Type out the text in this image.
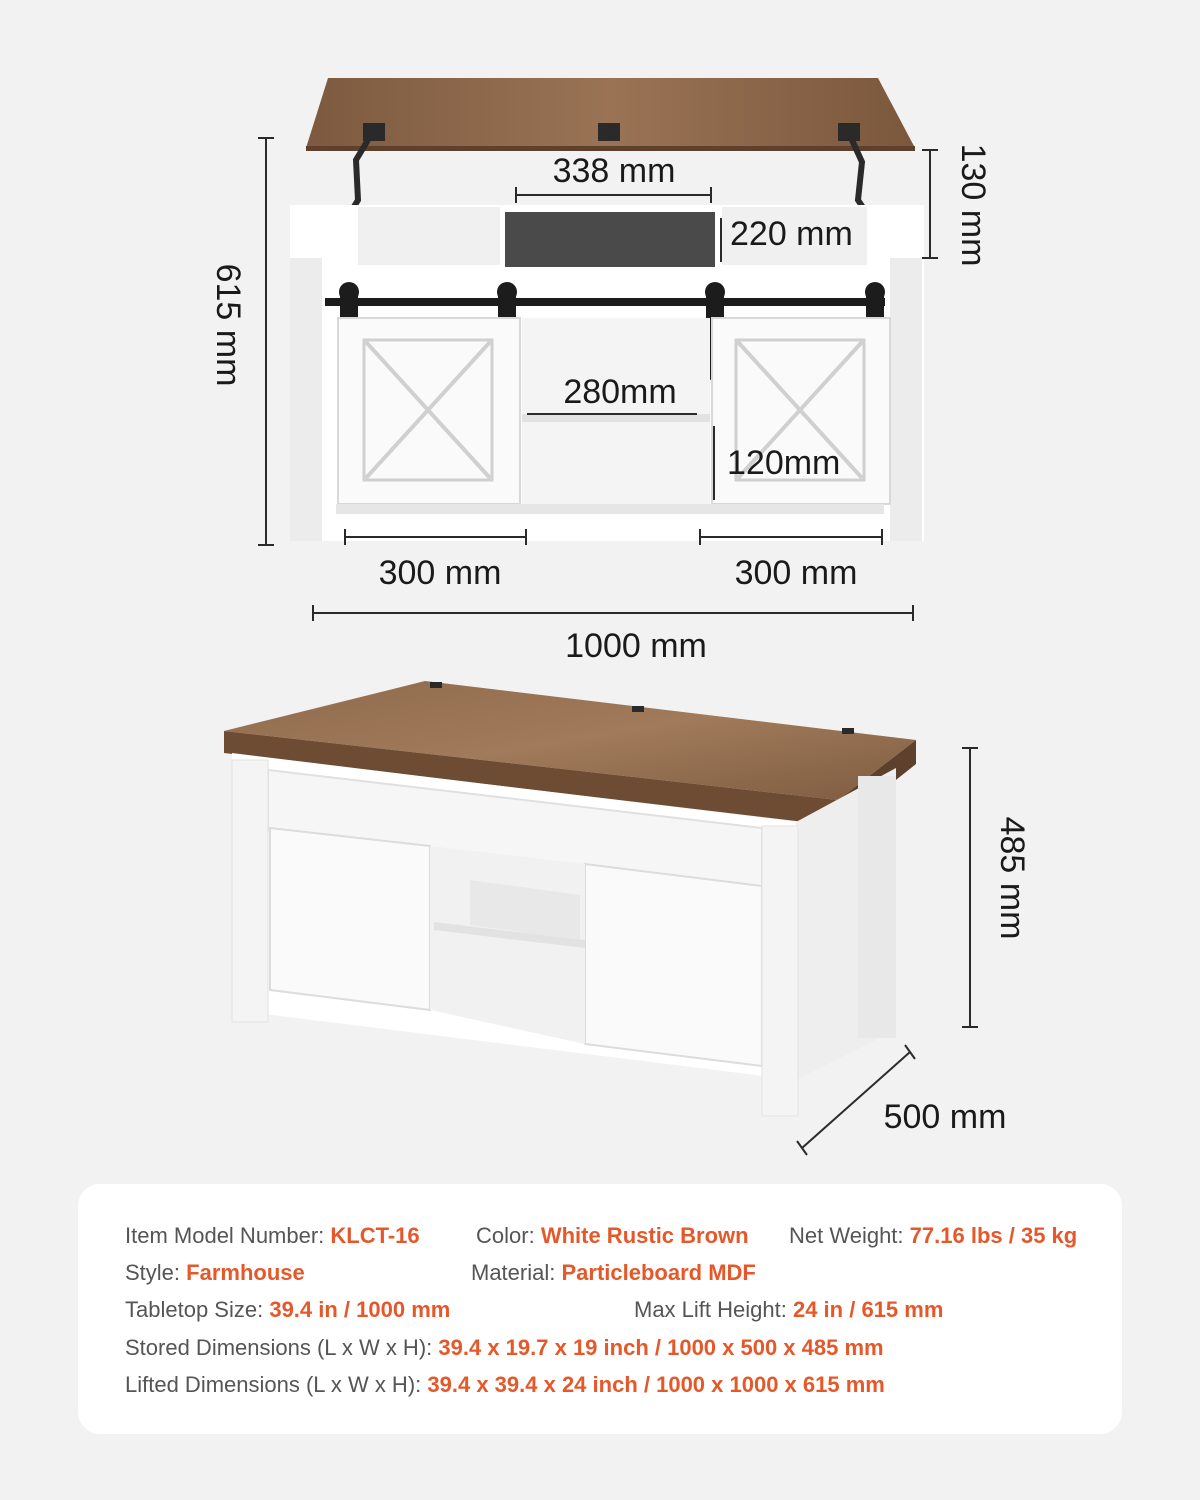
338 mm	130 mm
220 mm
615 mm
280mm
120mm
300 mm	300 mm
1000 mm
485 mm
500 mm
Item Model Number: KLCT-16	Color: White Rustic Brown Net Weight: 77.16 lbs / 35 kg
Style: Farmhouse	Material: Particleboard MDF
Tabletop Size: 39.4 in / 1000 mm	Max Lift Height: 24 in / 615 mm
Stored Dimensions (L x W x H): 39.4 x 19.7 x 19 inch / 1000 x 500 x 485 mm
Lifted Dimensions (L x W x H): 39.4 x 39.4 x 24 inch / 1000 x 1000 x 615 mm
